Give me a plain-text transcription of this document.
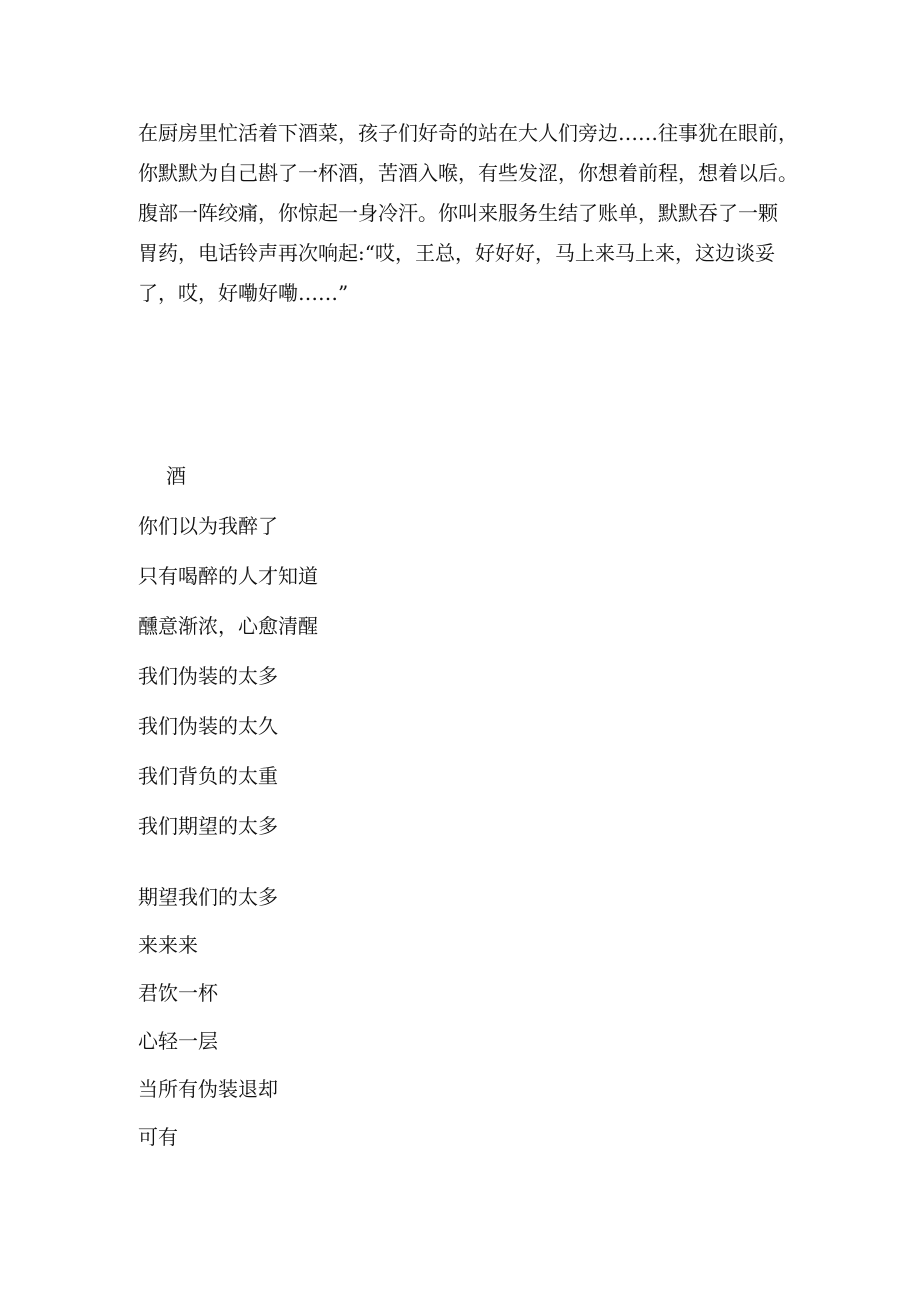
在厨房里忙活着下酒菜，孩子们好奇的站在大人们旁边……往事犹在眼前，
你默默为自己斟了一杯酒，苦酒入喉，有些发涩，你想着前程，想着以后。
腹部一阵绞痛，你惊起一身冷汗。你叫来服务生结了账单，默默吞了一颗
胃药，电话铃声再次响起:“哎，王总，好好好，马上来马上来，这边谈妥
了，哎，好嘞好嘞……”
酒
你们以为我醉了
只有喝醉的人才知道
醺意渐浓，心愈清醒
我们伪装的太多
我们伪装的太久
我们背负的太重
我们期望的太多
期望我们的太多
来来来
君饮一杯
心轻一层
当所有伪装退却
可有
